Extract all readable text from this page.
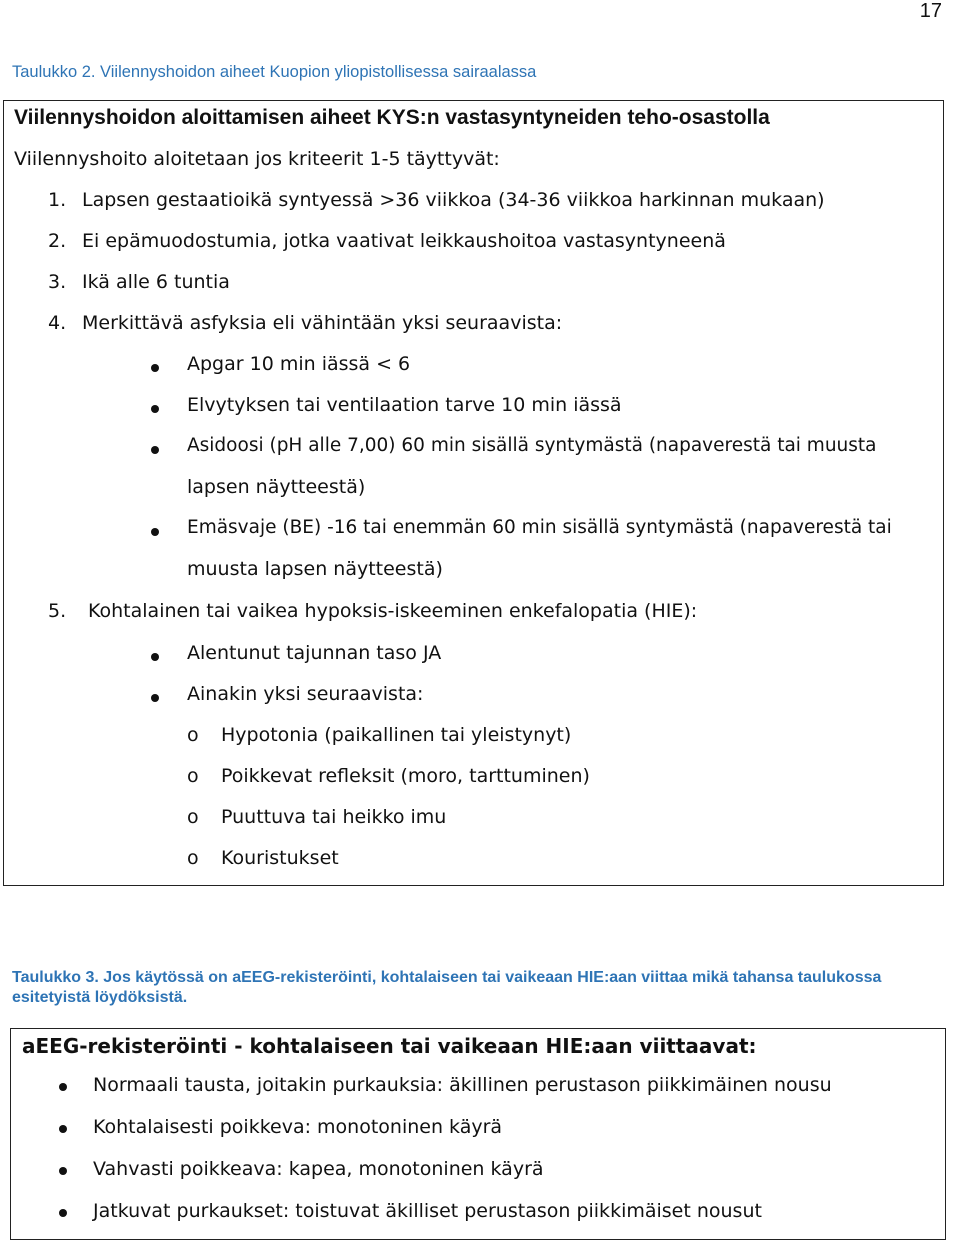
17
Taulukko 2. Viilennyshoidon aiheet Kuopion yliopistollisessa sairaalassa
Viilennyshoidon aloittamisen aiheet KYS:n vastasyntyneiden teho-osastolla
Viilennyshoito aloitetaan jos kriteerit 1-5 täyttyvät:
1. Lapsen gestaatioikä syntyessä >36 viikkoa (34-36 viikkoa harkinnan mukaan)
2. Ei epämuodostumia, jotka vaativat leikkaushoitoa vastasyntyneenä
3. Ikä alle 6 tuntia
4. Merkittävä asfyksia eli vähintään yksi seuraavista:
Apgar 10 min iässä < 6
Elvytyksen tai ventilaation tarve 10 min iässä
Asidoosi (pH alle 7,00) 60 min sisällä syntymästä (napaverestä tai muusta
lapsen näytteestä)
Emäsvaje (BE) -16 tai enemmän 60 min sisällä syntymästä (napaverestä tai
muusta lapsen näytteestä)
5. Kohtalainen tai vaikea hypoksis-iskeeminen enkefalopatia (HIE):
Alentunut tajunnan taso JA
Ainakin yksi seuraavista:
o Hypotonia (paikallinen tai yleistynyt)
o Poikkevat refleksit (moro, tarttuminen)
o Puuttuva tai heikko imu
o Kouristukset
Taulukko 3. Jos käytössä on aEEG-rekisteröinti, kohtalaiseen tai vaikeaan HIE:aan viittaa mikä tahansa taulukossa
esitetyistä löydöksistä.
aEEG-rekisteröinti - kohtalaiseen tai vaikeaan HIE:aan viittaavat:
Normaali tausta, joitakin purkauksia: äkillinen perustason piikkimäinen nousu
Kohtalaisesti poikkeva: monotoninen käyrä
Vahvasti poikkeava: kapea, monotoninen käyrä
Jatkuvat purkaukset: toistuvat äkilliset perustason piikkimäiset nousut
